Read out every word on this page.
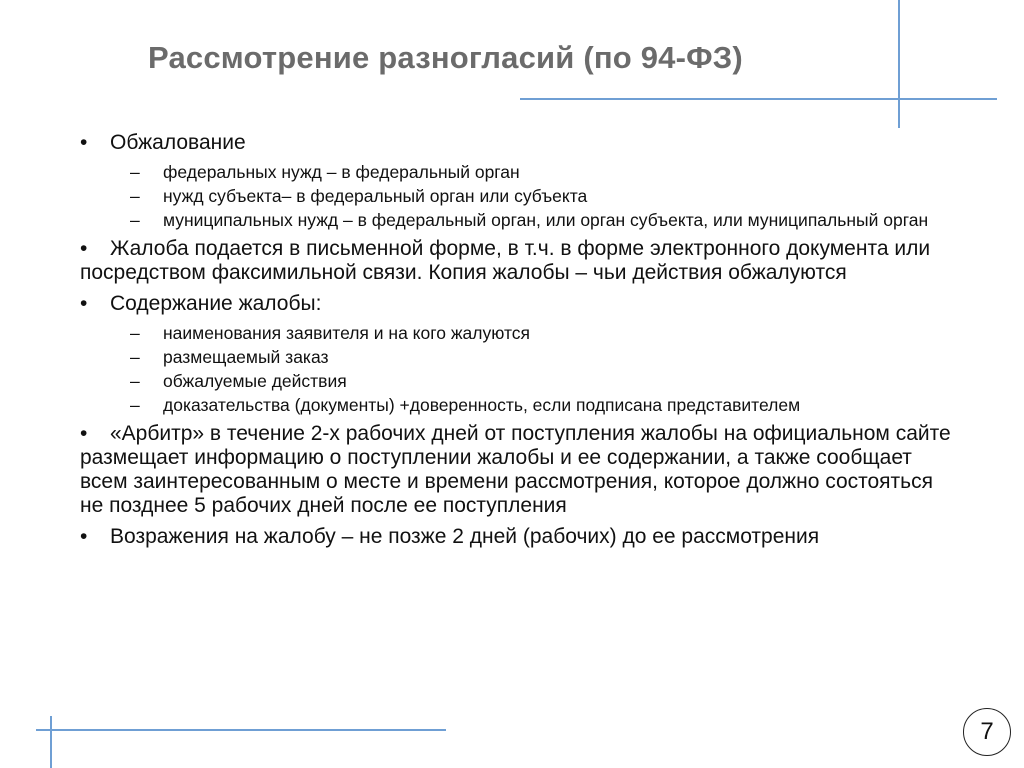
Рассмотрение разногласий (по 94-ФЗ)
• Обжалование
– федеральных нужд – в федеральный орган
– нужд субъекта– в федеральный орган или субъекта
– муниципальных нужд – в федеральный орган, или орган субъекта, или муниципальный орган
• Жалоба подается в письменной форме, в т.ч. в форме электронного документа или посредством факсимильной связи. Копия жалобы – чьи действия обжалуются
• Содержание жалобы:
– наименования заявителя и на кого жалуются
– размещаемый заказ
– обжалуемые действия
– доказательства (документы) +доверенность, если подписана представителем
• «Арбитр» в течение 2-х рабочих дней от поступления жалобы на официальном сайте размещает информацию о поступлении жалобы и ее содержании, а также сообщает всем заинтересованным о месте и времени рассмотрения, которое должно состояться не позднее 5 рабочих дней после ее поступления
• Возражения на жалобу – не позже 2 дней (рабочих) до ее рассмотрения
7
